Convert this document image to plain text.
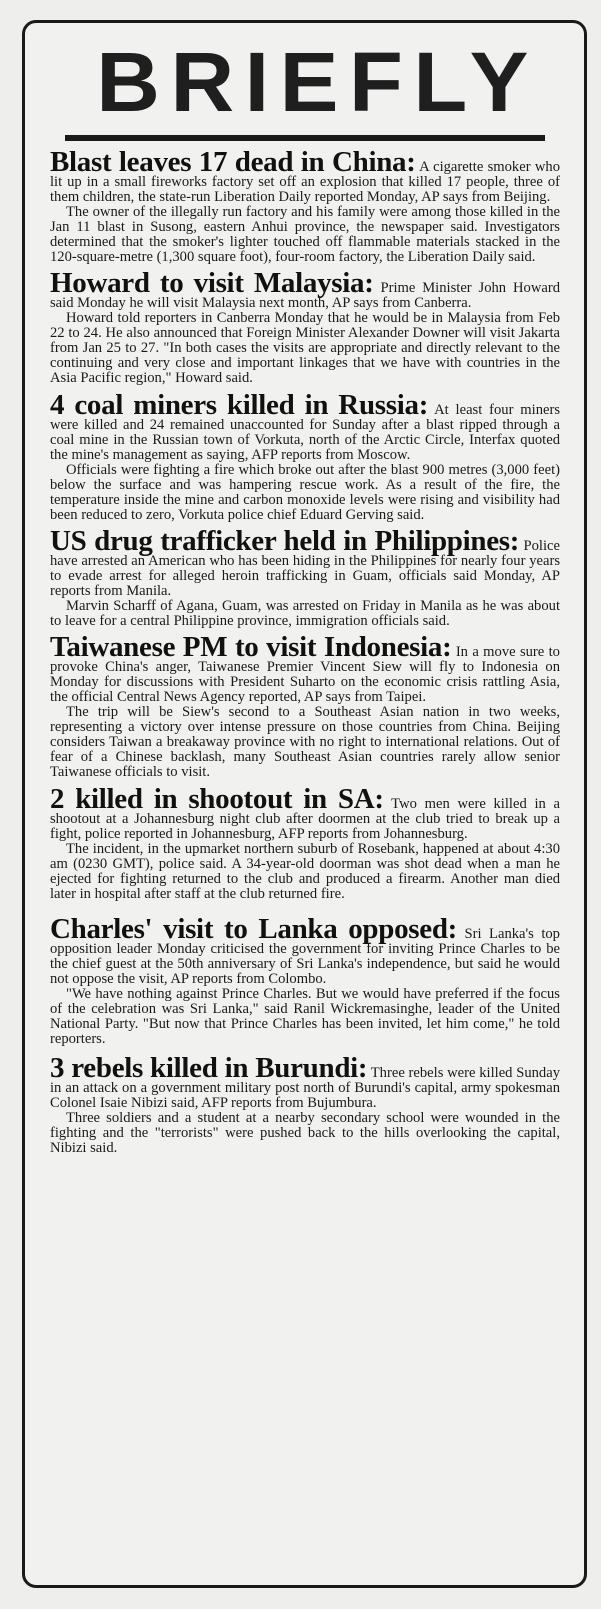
BRIEFLY

Blast leaves 17 dead in China: A cigarette smoker who lit up in a small fireworks factory set off an explosion that killed 17 people, three of them children, the state-run Liberation Daily reported Monday, AP says from Beijing.

The owner of the illegally run factory and his family were among those killed in the Jan 11 blast in Susong, eastern Anhui province, the newspaper said. Investigators determined that the smoker's lighter touched off flammable materials stacked in the 120-square-metre (1,300 square foot), four-room factory, the Liberation Daily said.

Howard to visit Malaysia: Prime Minister John Howard said Monday he will visit Malaysia next month, AP says from Canberra.

Howard told reporters in Canberra Monday that he would be in Malaysia from Feb 22 to 24. He also announced that Foreign Minister Alexander Downer will visit Jakarta from Jan 25 to 27. "In both cases the visits are appropriate and directly relevant to the continuing and very close and important linkages that we have with countries in the Asia Pacific region," Howard said.

4 coal miners killed in Russia: At least four miners were killed and 24 remained unaccounted for Sunday after a blast ripped through a coal mine in the Russian town of Vorkuta, north of the Arctic Circle, Interfax quoted the mine's management as saying, AFP reports from Moscow.

Officials were fighting a fire which broke out after the blast 900 metres (3,000 feet) below the surface and was hampering rescue work. As a result of the fire, the temperature inside the mine and carbon monoxide levels were rising and visibility had been reduced to zero, Vorkuta police chief Eduard Gerving said.

US drug trafficker held in Philippines: Police have arrested an American who has been hiding in the Philippines for nearly four years to evade arrest for alleged heroin trafficking in Guam, officials said Monday, AP reports from Manila.

Marvin Scharff of Agana, Guam, was arrested on Friday in Manila as he was about to leave for a central Philippine province, immigration officials said.

Taiwanese PM to visit Indonesia: In a move sure to provoke China's anger, Taiwanese Premier Vincent Siew will fly to Indonesia on Monday for discussions with President Suharto on the economic crisis rattling Asia, the official Central News Agency reported, AP says from Taipei.

The trip will be Siew's second to a Southeast Asian nation in two weeks, representing a victory over intense pressure on those countries from China. Beijing considers Taiwan a breakaway province with no right to international relations. Out of fear of a Chinese backlash, many Southeast Asian countries rarely allow senior Taiwanese officials to visit.

2 killed in shootout in SA: Two men were killed in a shootout at a Johannesburg night club after doormen at the club tried to break up a fight, police reported in Johannesburg, AFP reports from Johannesburg.

The incident, in the upmarket northern suburb of Rosebank, happened at about 4:30 am (0230 GMT), police said. A 34-year-old doorman was shot dead when a man he ejected for fighting returned to the club and produced a firearm. Another man died later in hospital after staff at the club returned fire.

Charles' visit to Lanka opposed: Sri Lanka's top opposition leader Monday criticised the government for inviting Prince Charles to be the chief guest at the 50th anniversary of Sri Lanka's independence, but said he would not oppose the visit, AP reports from Colombo.

"We have nothing against Prince Charles. But we would have preferred if the focus of the celebration was Sri Lanka," said Ranil Wickremasinghe, leader of the United National Party. "But now that Prince Charles has been invited, let him come," he told reporters.

3 rebels killed in Burundi: Three rebels were killed Sunday in an attack on a government military post north of Burundi's capital, army spokesman Colonel Isaie Nibizi said, AFP reports from Bujumbura.

Three soldiers and a student at a nearby secondary school were wounded in the fighting and the "terrorists" were pushed back to the hills overlooking the capital, Nibizi said.
